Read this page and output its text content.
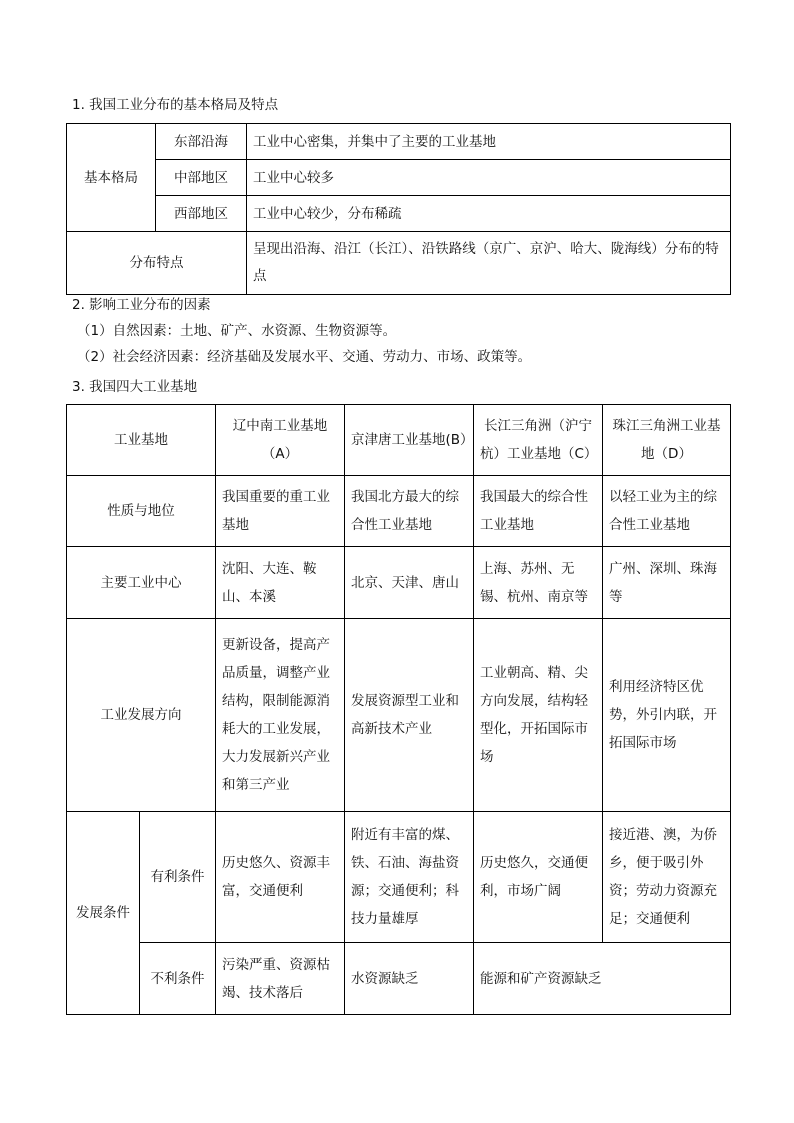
1. 我国工业分布的基本格局及特点
基本格局	东部沿海	工业中心密集，并集中了主要的工业基地
	中部地区	工业中心较多
	西部地区	工业中心较少，分布稀疏
分布特点		呈现出沿海、沿江（长江）、沿铁路线（京广、京沪、哈大、陇海线）分布的特点
2. 影响工业分布的因素
（1）自然因素：土地、矿产、水资源、生物资源等。
（2）社会经济因素：经济基础及发展水平、交通、劳动力、市场、政策等。
3. 我国四大工业基地
工业基地		辽中南工业基地（A）	京津唐工业基地(B）	长江三角洲（沪宁杭）工业基地（C）	珠江三角洲工业基地（D）
性质与地位		我国重要的重工业基地	我国北方最大的综合性工业基地	我国最大的综合性工业基地	以轻工业为主的综合性工业基地
主要工业中心		沈阳、大连、鞍山、本溪	北京、天津、唐山	上海、苏州、无锡、杭州、南京等	广州、深圳、珠海等
工业发展方向		更新设备，提高产品质量，调整产业结构，限制能源消耗大的工业发展，大力发展新兴产业和第三产业	发展资源型工业和高新技术产业	工业朝高、精、尖方向发展，结构轻型化，开拓国际市场	利用经济特区优势，外引内联，开拓国际市场
发展条件	有利条件	历史悠久、资源丰富，交通便利	附近有丰富的煤、铁、石油、海盐资源；交通便利；科技力量雄厚	历史悠久，交通便利，市场广阔	接近港、澳，为侨乡，便于吸引外资；劳动力资源充足；交通便利
	不利条件	污染严重、资源枯竭、技术落后	水资源缺乏	能源和矿产资源缺乏	
